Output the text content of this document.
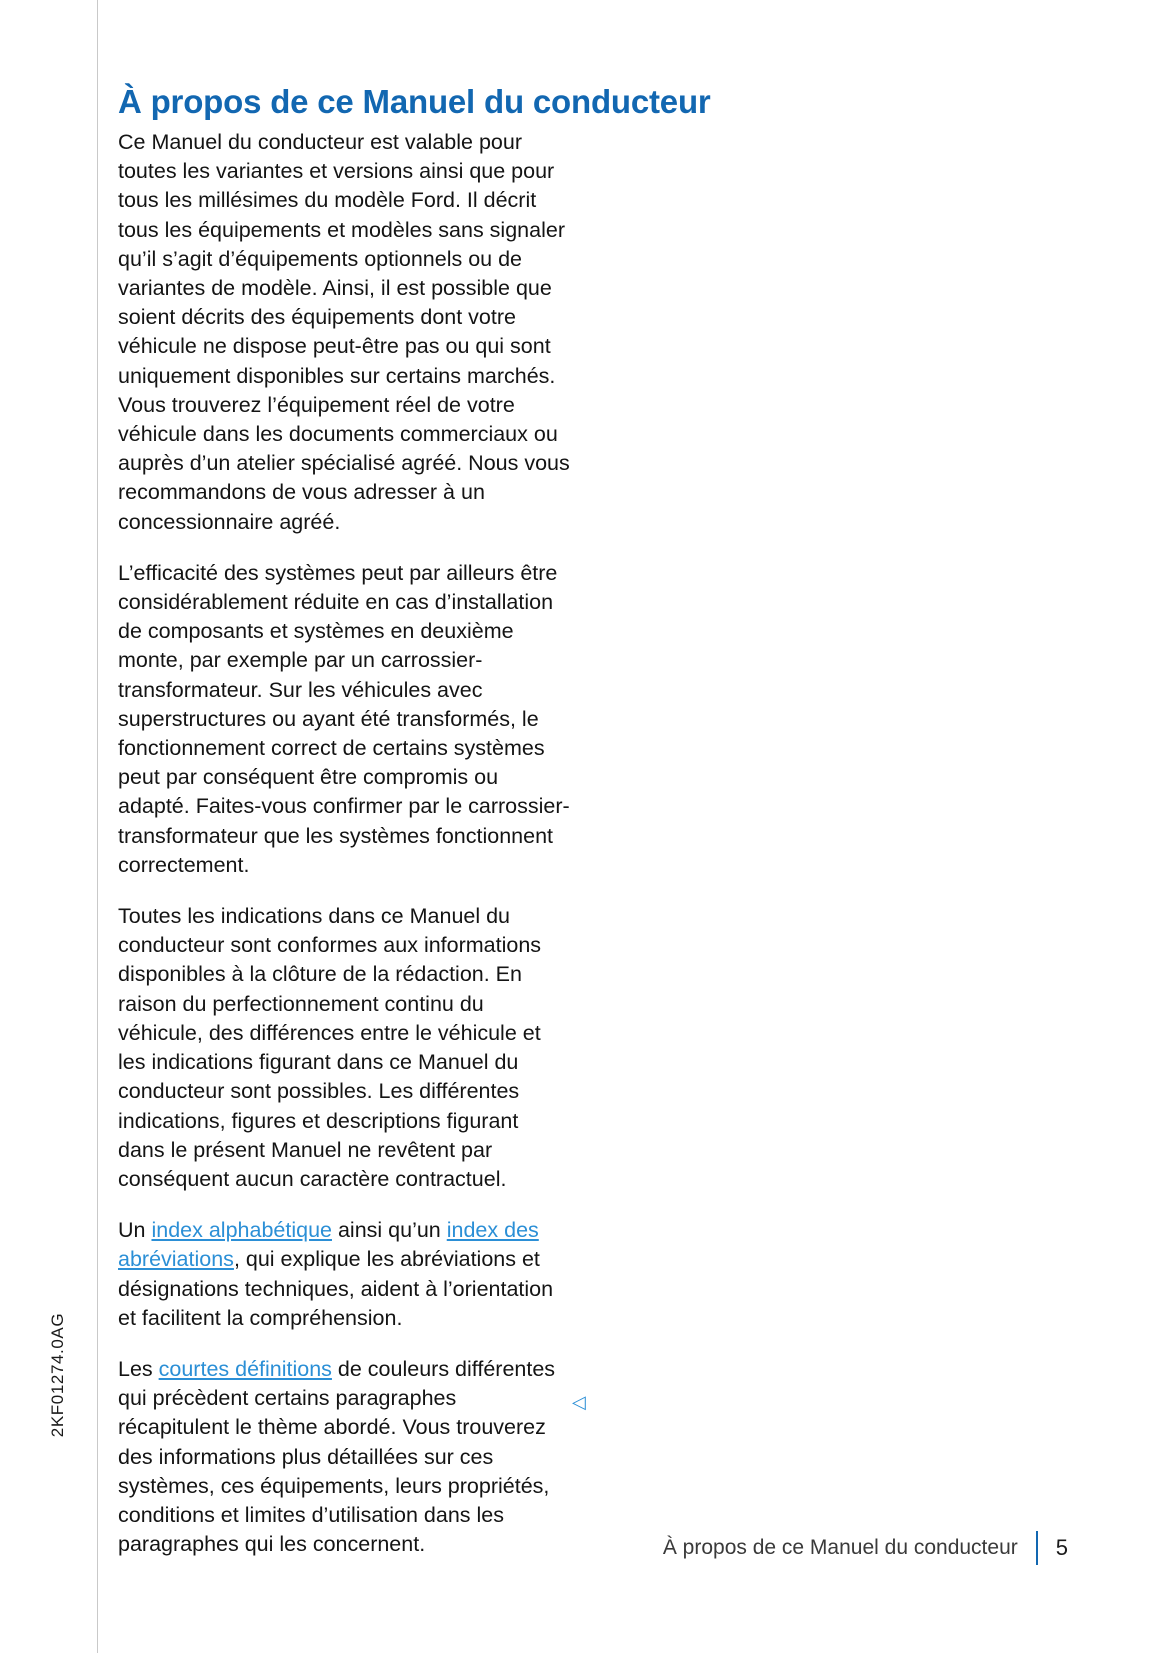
2KF01274.0AG
À propos de ce Manuel du conducteur

Ce Manuel du conducteur est valable pour toutes les variantes et versions ainsi que pour tous les millésimes du modèle Ford. Il décrit tous les équipements et modèles sans signaler qu’il s’agit d’équipements optionnels ou de variantes de modèle. Ainsi, il est possible que soient décrits des équipements dont votre véhicule ne dispose peut-être pas ou qui sont uniquement disponibles sur certains marchés. Vous trouverez l’équipement réel de votre véhicule dans les documents commerciaux ou auprès d’un atelier spécialisé agréé. Nous vous recommandons de vous adresser à un concessionnaire agréé.

L’efficacité des systèmes peut par ailleurs être considérablement réduite en cas d’installation de composants et systèmes en deuxième monte, par exemple par un carrossier-transformateur. Sur les véhicules avec superstructures ou ayant été transformés, le fonctionnement correct de certains systèmes peut par conséquent être compromis ou adapté. Faites-vous confirmer par le carrossier-transformateur que les systèmes fonctionnent correctement.

Toutes les indications dans ce Manuel du conducteur sont conformes aux informations disponibles à la clôture de la rédaction. En raison du perfectionnement continu du véhicule, des différences entre le véhicule et les indications figurant dans ce Manuel du conducteur sont possibles. Les différentes indications, figures et descriptions figurant dans le présent Manuel ne revêtent par conséquent aucun caractère contractuel.

Un index alphabétique ainsi qu’un index des abréviations, qui explique les abréviations et désignations techniques, aident à l’orientation et facilitent la compréhension.

Les courtes définitions de couleurs différentes qui précèdent certains paragraphes récapitulent le thème abordé. Vous trouverez des informations plus détaillées sur ces systèmes, ces équipements, leurs propriétés, conditions et limites d’utilisation dans les paragraphes qui les concernent.

◁
À propos de ce Manuel du conducteur	5
